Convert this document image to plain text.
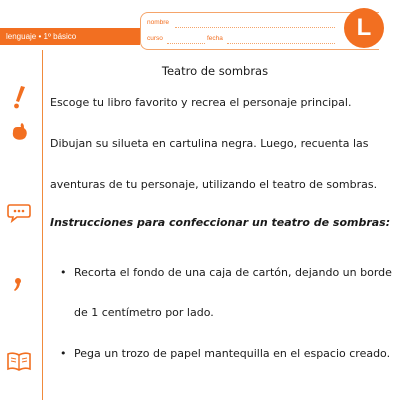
lenguaje • 1º básico
nombre
curso	fecha	L
Teatro de sombras
Escoge tu libro favorito y recrea el personaje principal.
Dibujan su silueta en cartulina negra. Luego, recuenta las
aventuras de tu personaje, utilizando el teatro de sombras.
Instrucciones para confeccionar un teatro de sombras:
• Recorta el fondo de una caja de cartón, dejando un borde
de 1 centímetro por lado.
• Pega un trozo de papel mantequilla en el espacio creado.
